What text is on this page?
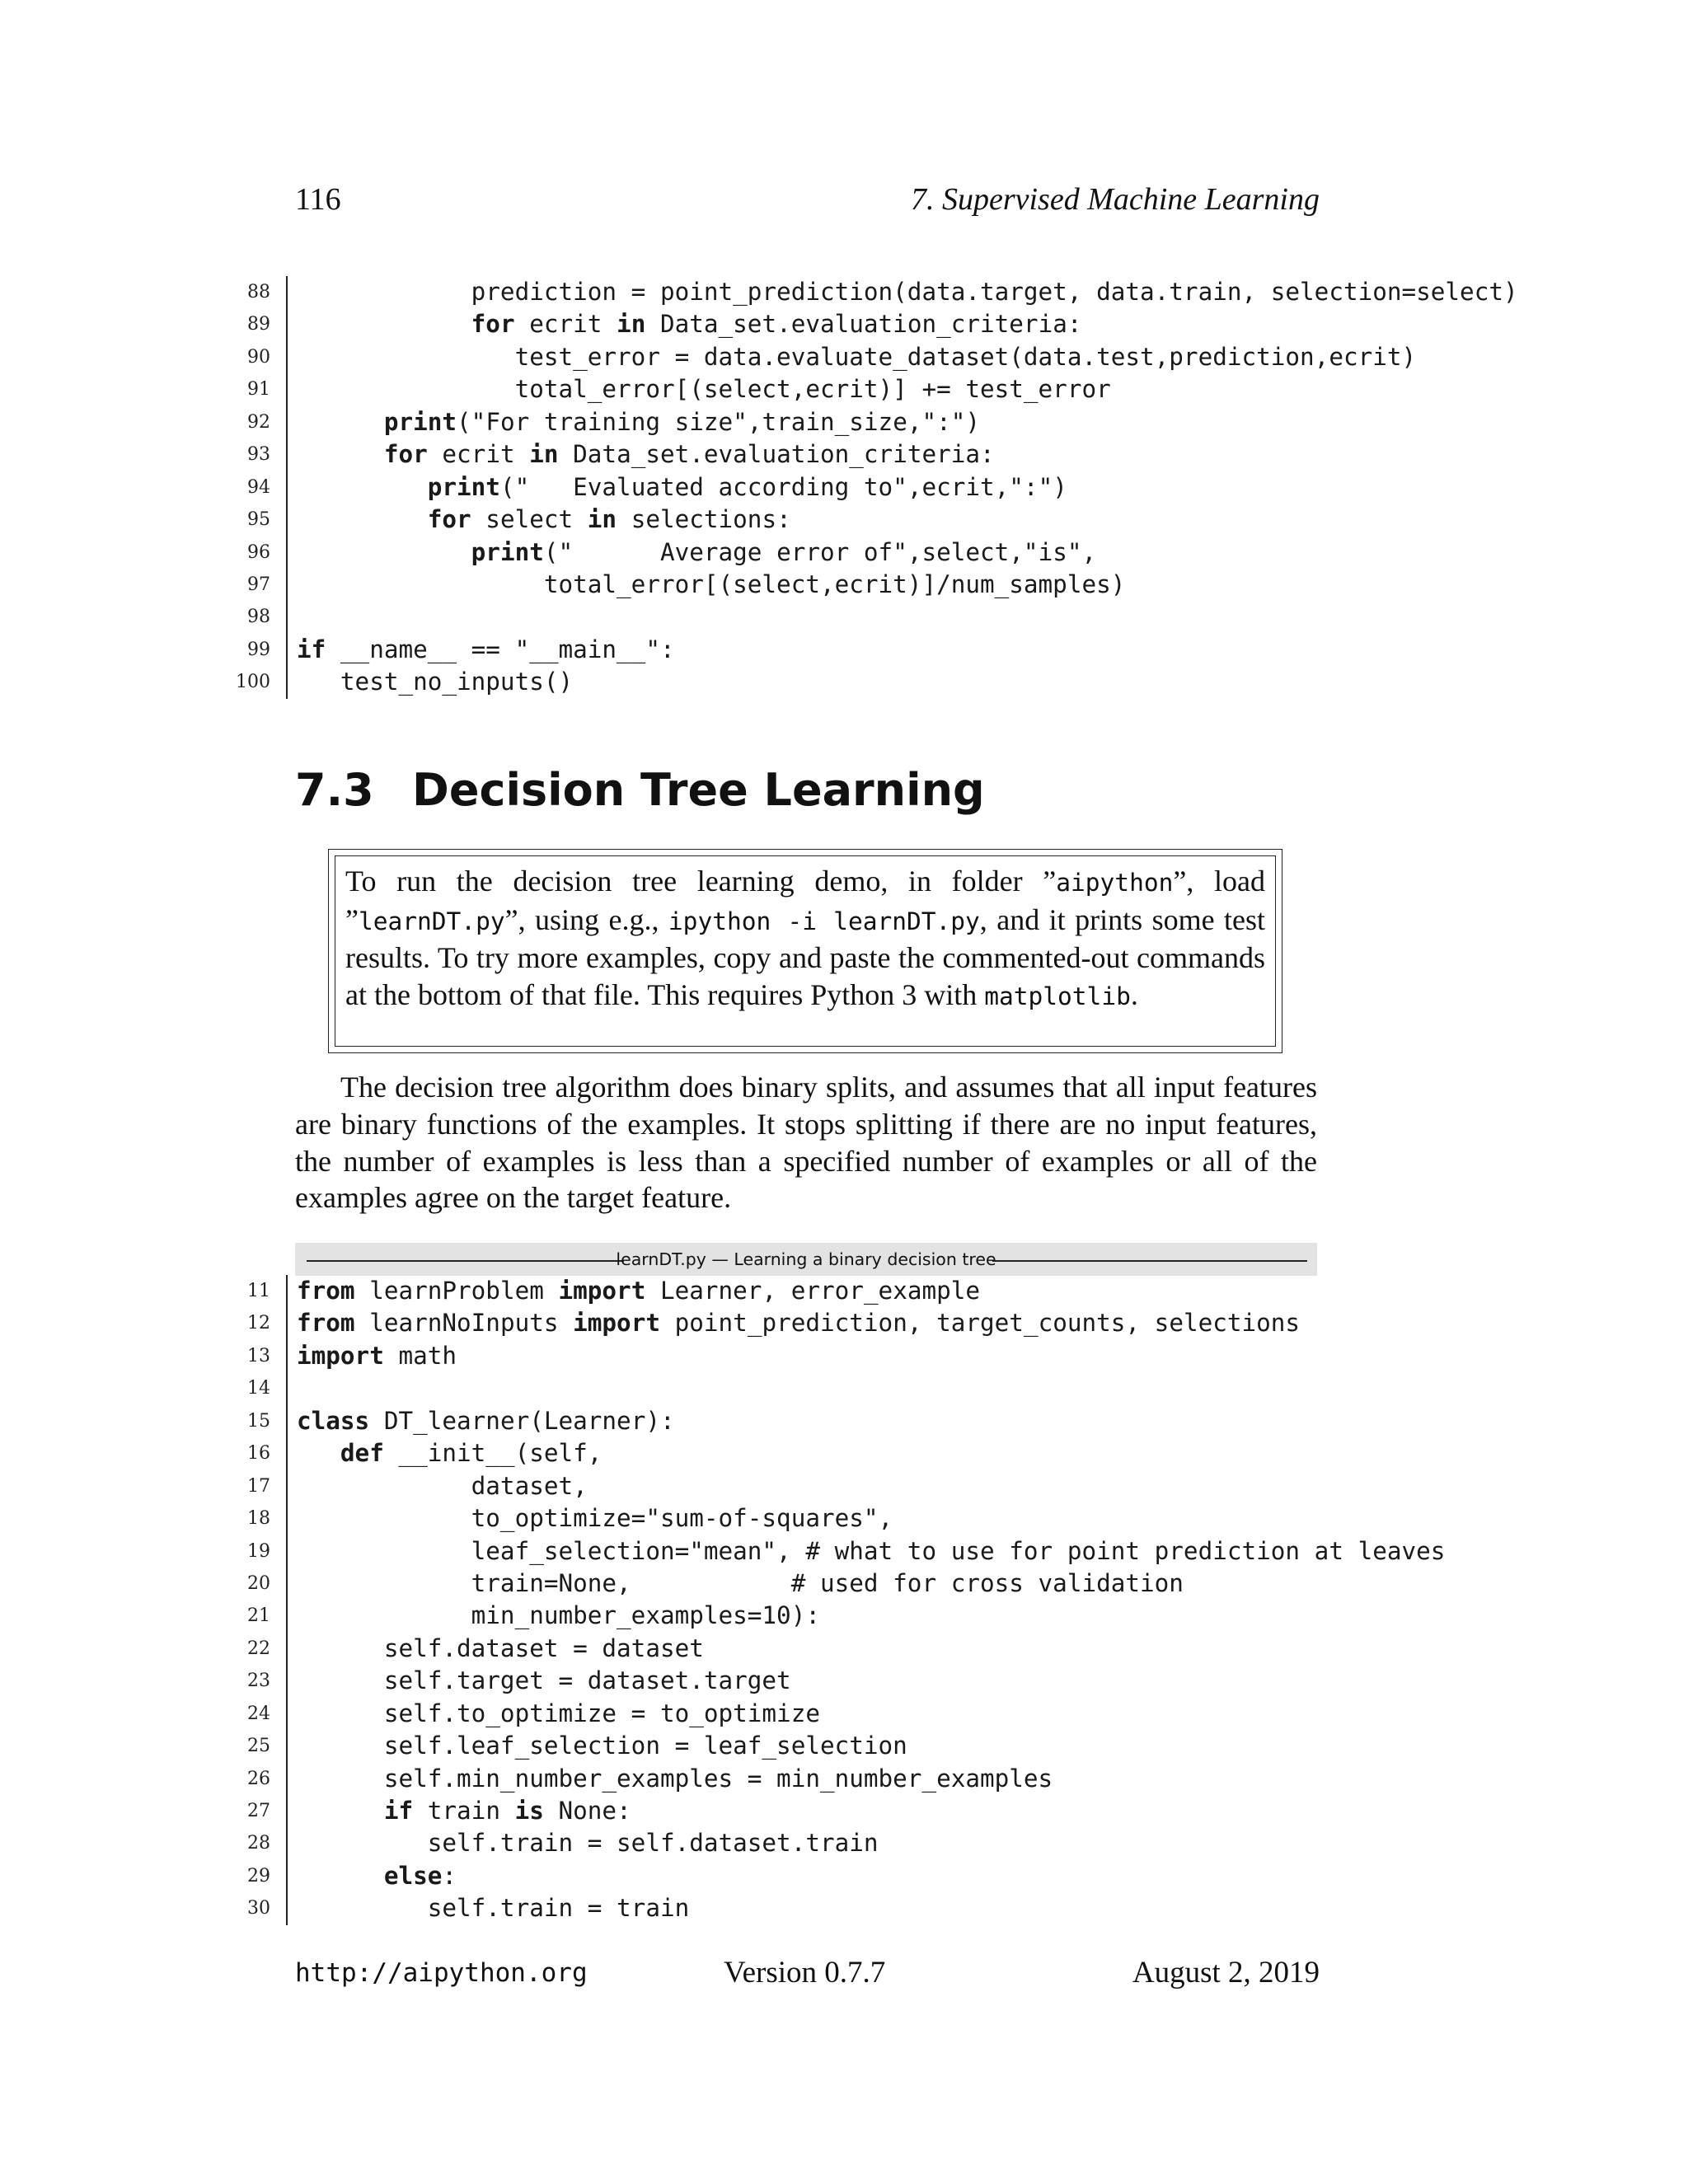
116	7. Supervised Machine Learning
88 prediction = point_prediction(data.target, data.train, selection=select)
89	for ecrit in Data_set.evaluation_criteria:
90 test_error = data.evaluate_dataset(data.test,prediction,ecrit)
91 total_error[(select,ecrit)] += test_error
92	print("For training size",train_size,":")
93	for ecrit in Data_set.evaluation_criteria:
94	print("   Evaluated according to",ecrit,":")
95	for select in selections:
96	print("      Average error of",select,"is",
97 total_error[(select,ecrit)]/num_samples)
98
99 if __name__ == "__main__":
100 test_no_inputs()
7.3 Decision Tree Learning
To run the decision tree learning demo, in folder ”aipython”, load ”learnDT.py”, using e.g., ipython -i learnDT.py, and it prints some test results. To try more examples, copy and paste the commented-out commands at the bottom of that file. This requires Python 3 with matplotlib.

The decision tree algorithm does binary splits, and assumes that all input features are binary functions of the examples. It stops splitting if there are no input features, the number of examples is less than a specified number of examples or all of the examples agree on the target feature.

learnDT.py — Learning a binary decision tree
11 from learnProblem import Learner, error_example
12 from learnNoInputs import point_prediction, target_counts, selections
13 import math
14
15 class DT_learner(Learner):
16	def __init__(self,
17 dataset,
18 to_optimize="sum-of-squares",
19 leaf_selection="mean", # what to use for point prediction at leaves
20 train=None,           # used for cross validation
21 min_number_examples=10):
22 self.dataset = dataset
23 self.target = dataset.target
24 self.to_optimize = to_optimize
25 self.leaf_selection = leaf_selection
26 self.min_number_examples = min_number_examples
27	if train is None:
28 self.train = self.dataset.train
29	else:
30 self.train = train
http://aipython.org	Version 0.7.7	August 2, 2019
